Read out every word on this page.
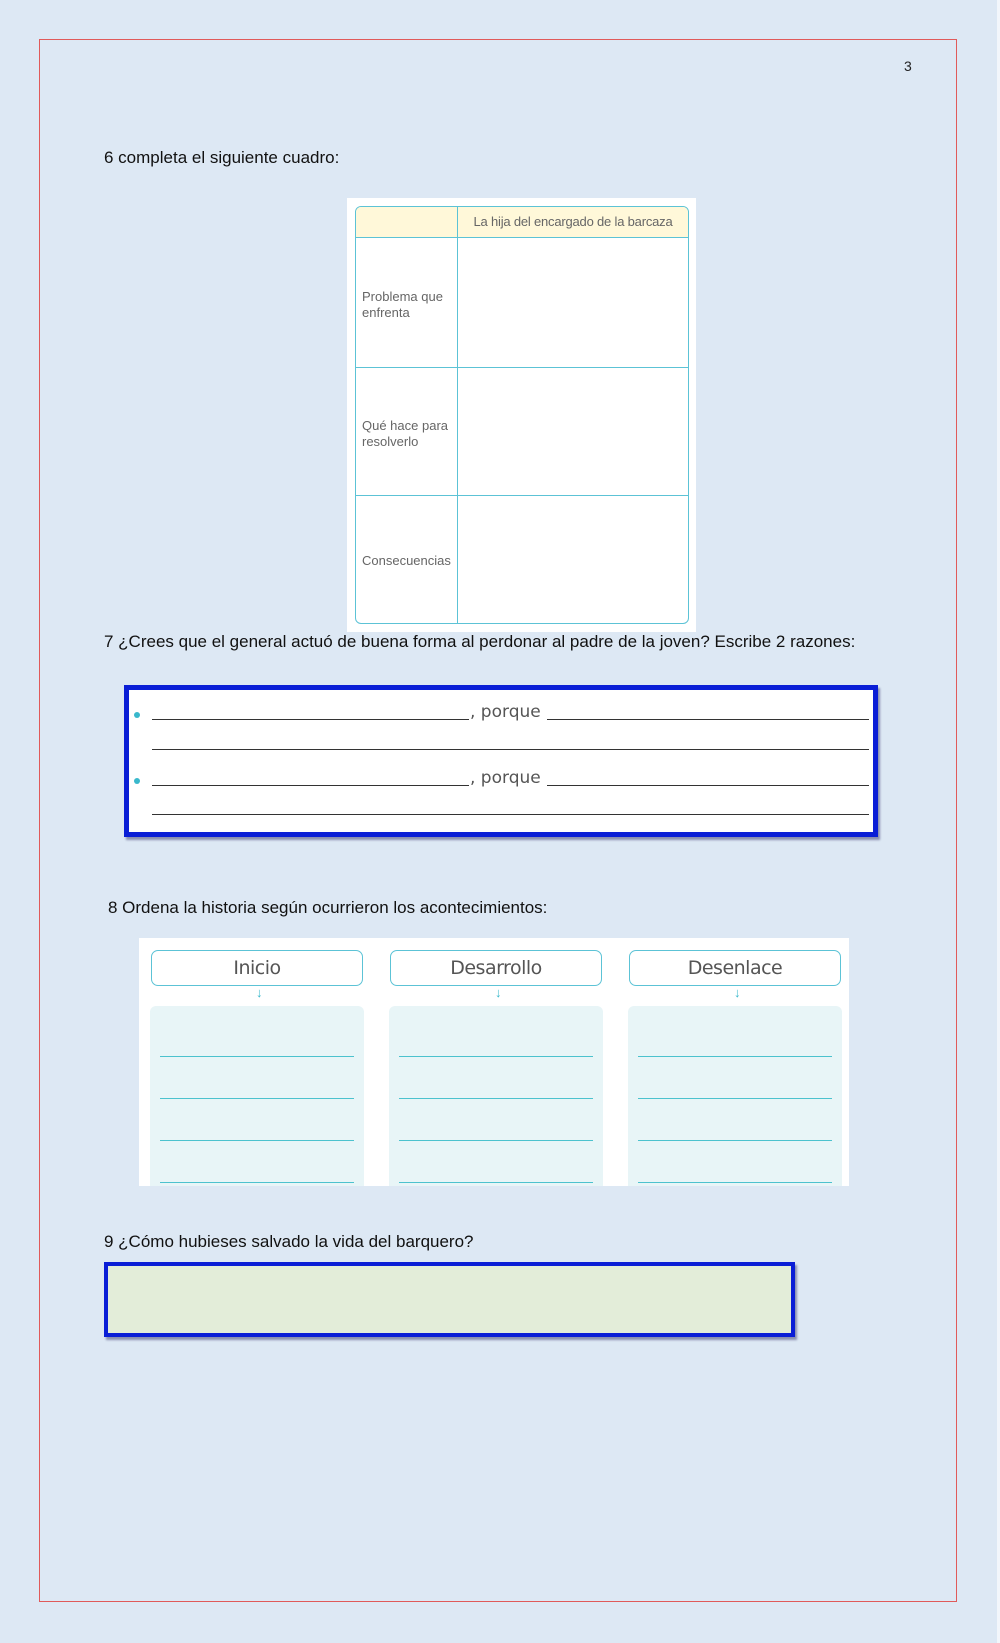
3
6 completa el siguiente cuadro:
La hija del encargado de la barcaza
Problema que enfrenta
Qué hace para resolverlo
Consecuencias
7 ¿Crees que el general actuó de buena forma al perdonar al padre de la joven? Escribe 2 razones:
, porque
, porque
8 Ordena la historia según ocurrieron los acontecimientos:
Inicio
↓
Desarrollo
↓
Desenlace
↓
9 ¿Cómo hubieses salvado la vida del barquero?
